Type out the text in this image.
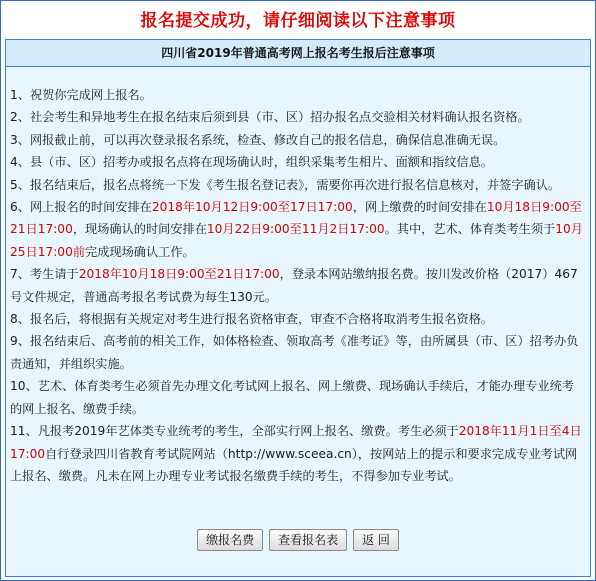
报名提交成功，请仔细阅读以下注意事项
四川省2019年普通高考网上报名考生报后注意事项

1、祝贺你完成网上报名。

2、社会考生和异地考生在报名结束后须到县（市、区）招办报名点交验相关材料确认报名资格。

3、网报截止前，可以再次登录报名系统，检查、修改自己的报名信息，确保信息准确无误。

4、县（市、区）招考办或报名点将在现场确认时，组织采集考生相片、面额和指纹信息。

5、报名结束后，报名点将统一下发《考生报名登记表》，需要你再次进行报名信息核对，并签字确认。

6、网上报名的时间安排在2018年10月12日9:00至17日17:00，网上缴费的时间安排在10月18日9:00至21日17:00，现场确认的时间安排在10月22日9:00至11月2日17:00。其中，艺术、体育类考生须于10月25日17:00前完成现场确认工作。

7、考生请于2018年10月18日9:00至21日17:00，登录本网站缴纳报名费。按川发改价格（2017）467号文件规定，普通高考报名考试费为每生130元。

8、报名后，将根据有关规定对考生进行报名资格审查，审查不合格将取消考生报名资格。

9、报名结束后、高考前的相关工作，如体格检查、领取高考《准考证》等，由所属县（市、区）招考办负责通知，并组织实施。

10、艺术、体育类考生必须首先办理文化考试网上报名、网上缴费、现场确认手续后，才能办理专业统考的网上报名、缴费手续。

11、凡报考2019年艺体类专业统考的考生，全部实行网上报名、缴费。考生必须于2018年11月1日至4日17:00自行登录四川省教育考试院网站（http://www.sceea.cn），按网站上的提示和要求完成专业考试网上报名、缴费。凡未在网上办理专业考试报名缴费手续的考生，不得参加专业考试。

缴报名费 查看报名表 返 回
